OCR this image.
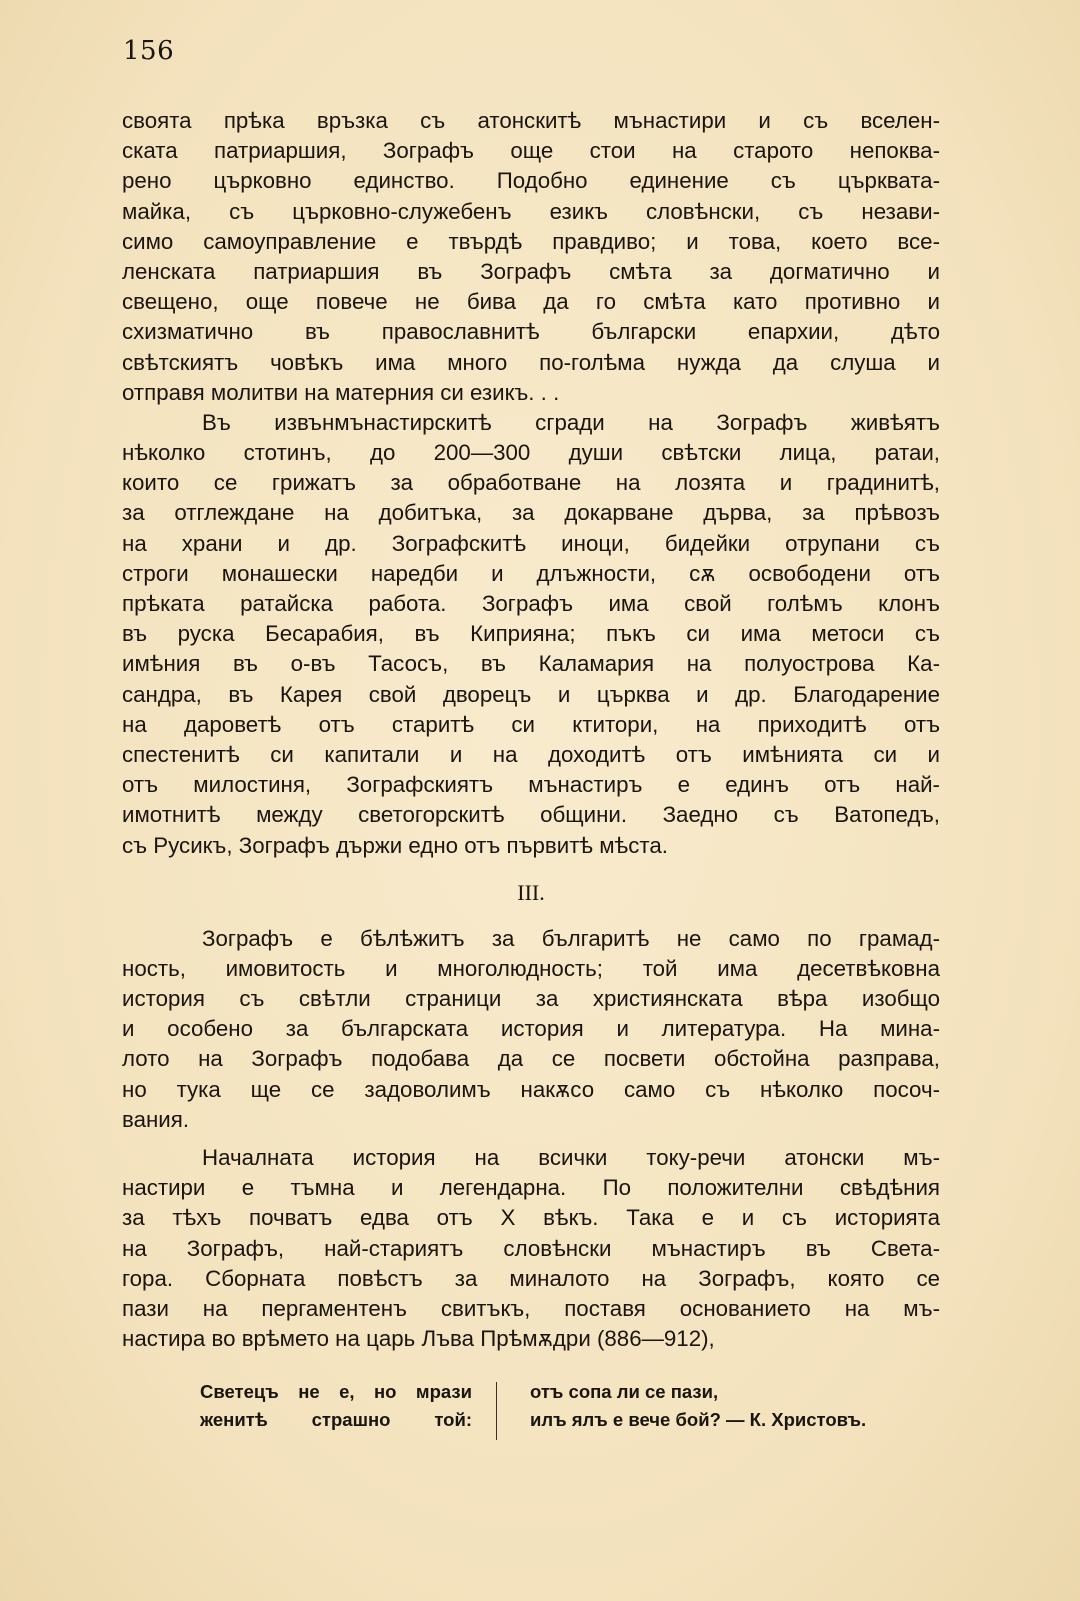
156
своята прѣка връзка съ атонскитѣ мънастири и съ вселен-
ската патриаршия, Зографъ още стои на старото непоква-
рено църковно единство. Подобно единение съ църквата-
майка, съ църковно-служебенъ езикъ словѣнски, съ незави-
симо самоуправление е твърдѣ правдиво; и това, което все-
ленската патриаршия въ Зографъ смѣта за догматично и
свещено, още повече не бива да го смѣта като противно и
схизматично въ православнитѣ български епархии, дѣто
свѣтскиятъ човѣкъ има много по-голѣма нужда да слуша и
отправя молитви на матерния си езикъ. . .
Въ извънмънастирскитѣ сгради на Зографъ живѣятъ
нѣколко стотинъ, до 200—300 души свѣтски лица, ратаи,
които се грижатъ за обработване на лозята и градинитѣ,
за отглеждане на добитъка, за докарване дърва, за прѣвозъ
на храни и др. Зографскитѣ иноци, бидейки отрупани съ
строги монашески наредби и длъжности, сѫ освободени отъ
прѣката ратайска работа. Зографъ има свой голѣмъ клонъ
въ руска Бесарабия, въ Киприяна; пъкъ си има метоси съ
имѣния въ о-въ Тасосъ, въ Каламария на полуострова Ка-
сандра, въ Карея свой дворецъ и църква и др. Благодарение
на дароветѣ отъ старитѣ си ктитори, на приходитѣ отъ
спестенитѣ си капитали и на доходитѣ отъ имѣнията си и
отъ милостиня, Зографскиятъ мънастиръ е единъ отъ най-
имотнитѣ между светогорскитѣ общини. Заедно съ Ватопедъ,
съ Русикъ, Зографъ държи едно отъ първитѣ мѣста.
III.
Зографъ е бѣлѣжитъ за българитѣ не само по грамад-
ность, имовитость и многолюдность; той има десетвѣковна
история съ свѣтли страници за християнската вѣра изобщо
и особено за българската история и литература. На мина-
лото на Зографъ подобава да се посвети обстойна разправа,
но тука ще се задоволимъ накѫсо само съ нѣколко посоч-
вания.
Началната история на всички току-речи атонски мъ-
настири е тъмна и легендарна. По положителни свѣдѣния
за тѣхъ почватъ едва отъ X вѣкъ. Така е и съ историята
на Зографъ, най-стариятъ словѣнски мънастиръ въ Света-
гора. Сборната повѣстъ за миналото на Зографъ, която се
пази на пергаментенъ свитъкъ, поставя основанието на мъ-
настира во врѣмето на царь Лъва Прѣмѫдри (886—912),
Светецъ не е, но мрази
женитѣ страшно той:
отъ сопа ли се пази,
илъ ялъ е вече бой? — К. Христовъ.
